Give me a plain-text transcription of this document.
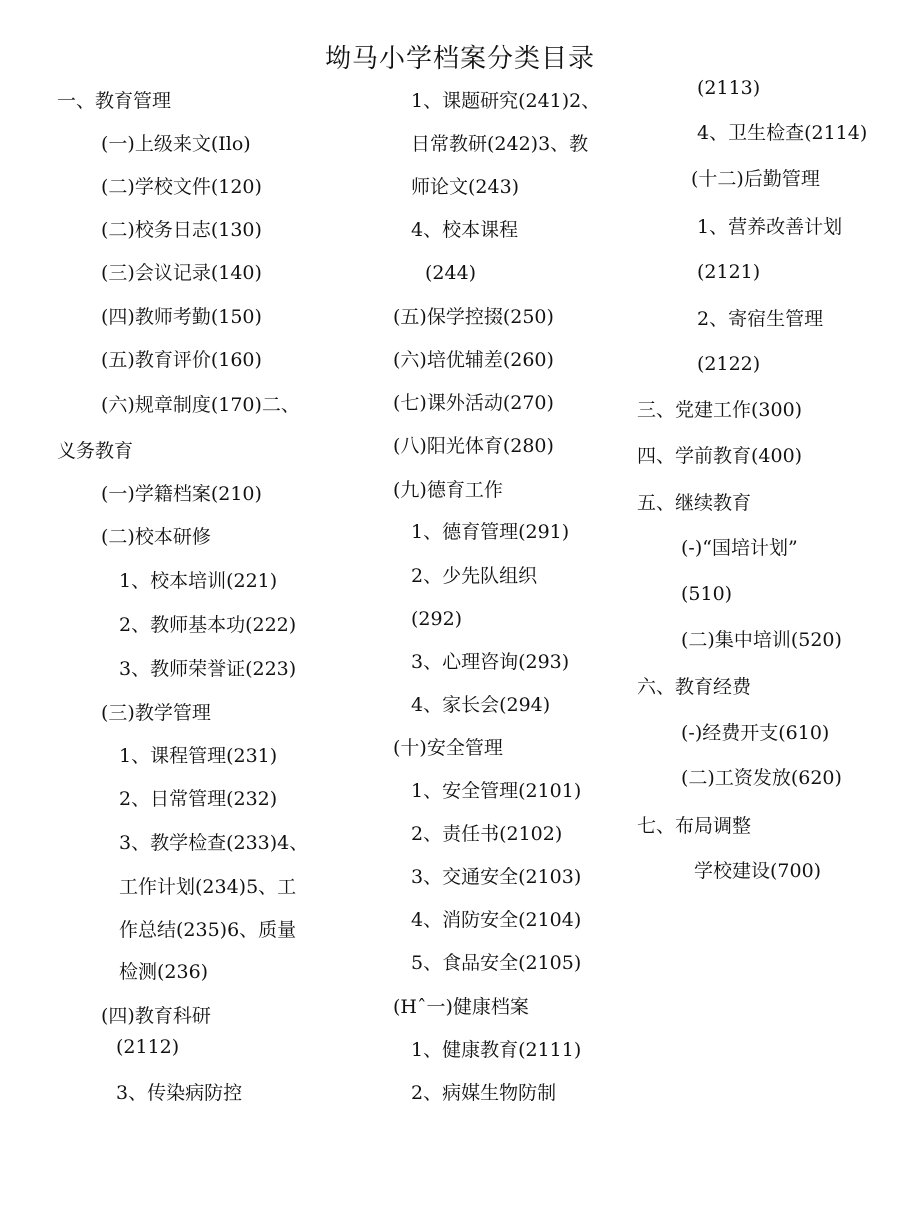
坳马小学档案分类目录
一、教育管理
(一)上级来文(Ilo)
(二)学校文件(120)
(二)校务日志(130)
(三)会议记录(140)
(四)教师考勤(150)
(五)教育评价(160)
(六)规章制度(170)二、
义务教育
(一)学籍档案(210)
(二)校本研修
1、校本培训(221)
2、教师基本功(222)
3、教师荣誉证(223)
(三)教学管理
1、课程管理(231)
2、日常管理(232)
3、教学检查(233)4、
工作计划(234)5、工
作总结(235)6、质量
检测(236)
(四)教育科研
(2112)
3、传染病防控
1、课题研究(241)2、
日常教研(242)3、教
师论文(243)
4、校本课程
(244)
(五)保学控掇(250)
(六)培优辅差(260)
(七)课外活动(270)
(八)阳光体育(280)
(九)德育工作
1、德育管理(291)
2、少先队组织
(292)
3、心理咨询(293)
4、家长会(294)
(十)安全管理
1、安全管理(2101)
2、责任书(2102)
3、交通安全(2103)
4、消防安全(2104)
5、食品安全(2105)
(Hˆ一)健康档案
1、健康教育(2111)
2、病媒生物防制
(2113)
4、卫生检查(2114)
(十二)后勤管理
1、营养改善计划
(2121)
2、寄宿生管理
(2122)
三、党建工作(300)
四、学前教育(400)
五、继续教育
(-)“国培计划”
(510)
(二)集中培训(520)
六、教育经费
(-)经费开支(610)
(二)工资发放(620)
七、布局调整
学校建设(700)
